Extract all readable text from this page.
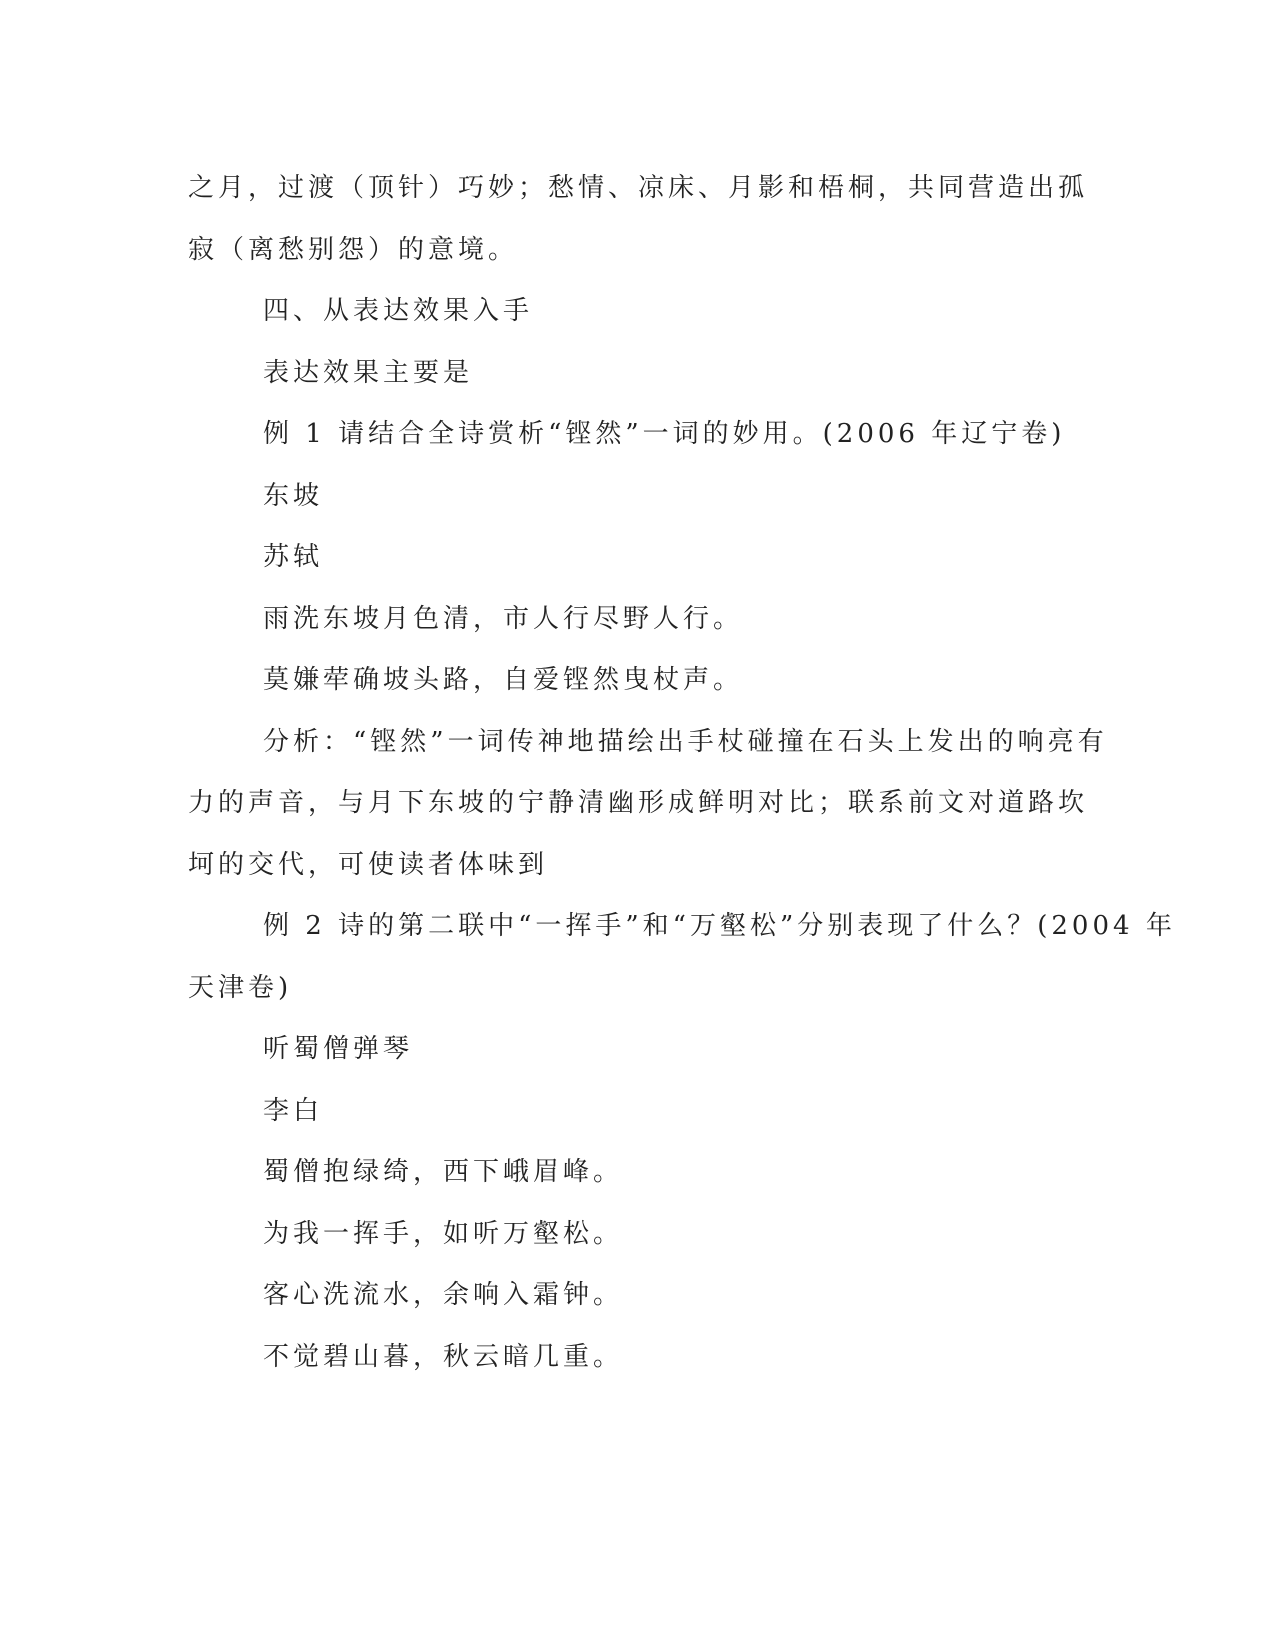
之月，过渡（顶针）巧妙；愁情、凉床、月影和梧桐，共同营造出孤
寂（离愁别怨）的意境。
四、从表达效果入手
表达效果主要是
例 1 请结合全诗赏析“铿然”一词的妙用。(2006 年辽宁卷)
东坡
苏轼
雨洗东坡月色清，市人行尽野人行。
莫嫌荦确坡头路，自爱铿然曳杖声。
分析：“铿然”一词传神地描绘出手杖碰撞在石头上发出的响亮有
力的声音，与月下东坡的宁静清幽形成鲜明对比；联系前文对道路坎
坷的交代，可使读者体味到
例 2 诗的第二联中“一挥手”和“万壑松”分别表现了什么？(2004 年
天津卷)
听蜀僧弹琴
李白
蜀僧抱绿绮，西下峨眉峰。
为我一挥手，如听万壑松。
客心洗流水，余响入霜钟。
不觉碧山暮，秋云暗几重。
